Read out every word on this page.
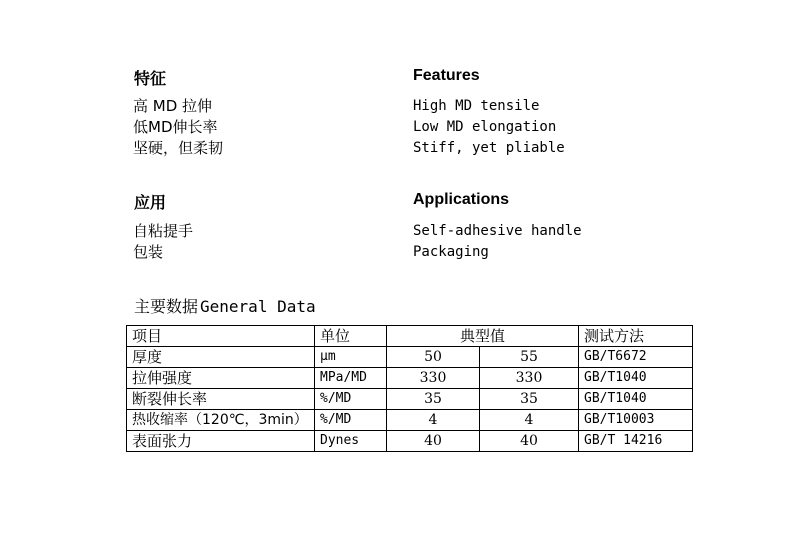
特征	Features
高 MD 拉伸
低MD伸长率
坚硬，但柔韧
High MD tensile
Low MD elongation
Stiff, yet pliable
应用	Applications
自粘提手
包装
Self-adhesive handle
Packaging
主要数据 General Data
项目	单位	典型值		测试方法
厚度	μm	50	55	GB/T6672
拉伸强度	MPa/MD	330	330	GB/T1040
断裂伸长率	%/MD	35	35	GB/T1040
热收缩率（120℃，3min）	%/MD	4	4	GB/T10003
表面张力	Dynes	40	40	GB/T 14216
